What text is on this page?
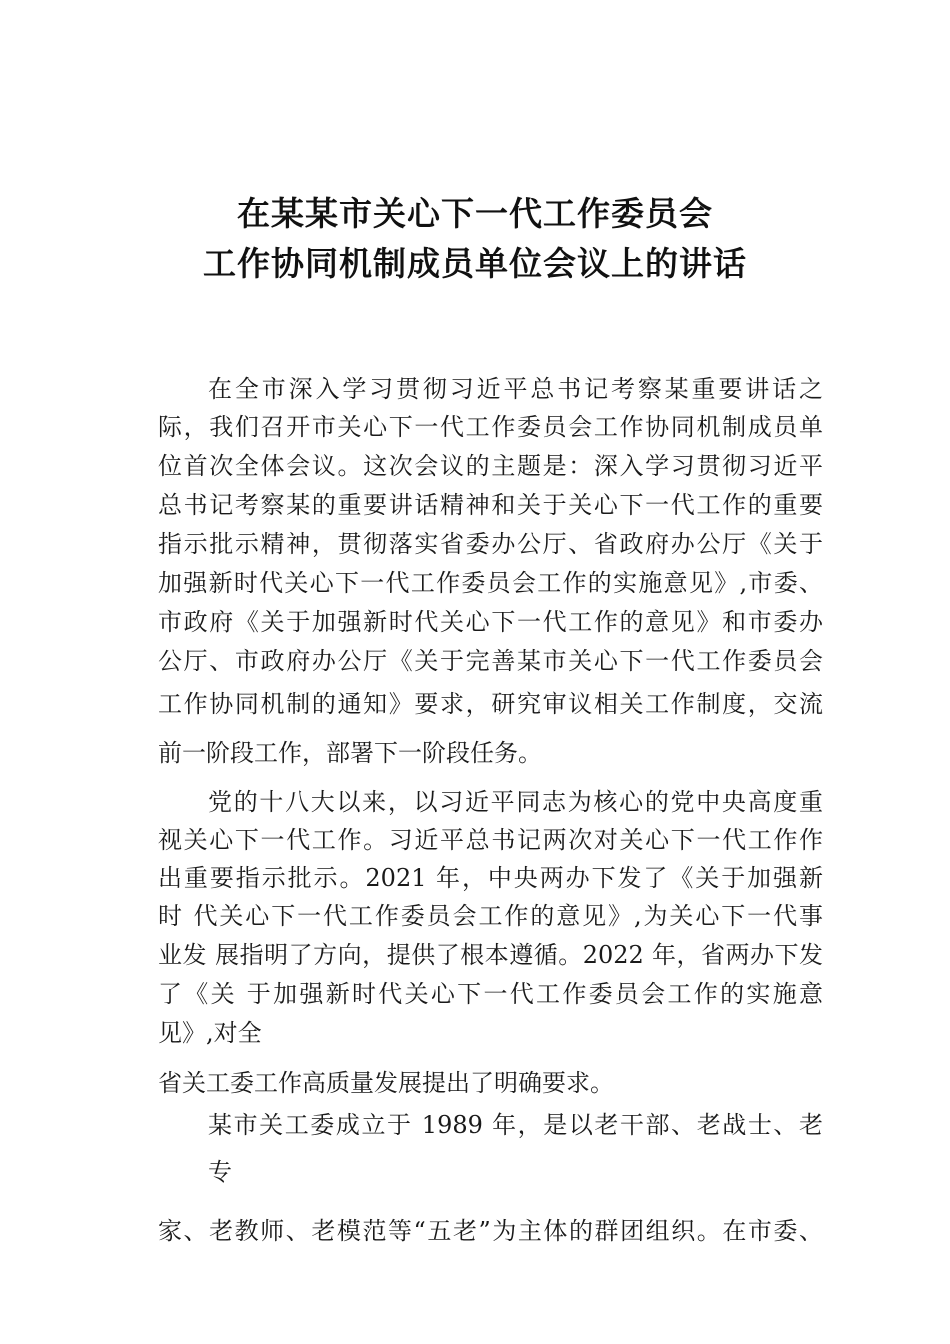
在某某市关心下一代工作委员会
工作协同机制成员单位会议上的讲话
在全市深入学习贯彻习近平总书记考察某重要讲话之
际，我们召开市关心下一代工作委员会工作协同机制成员单
位首次全体会议。这次会议的主题是：深入学习贯彻习近平
总书记考察某的重要讲话精神和关于关心下一代工作的重要
指示批示精神，贯彻落实省委办公厅、省政府办公厅《关于
加强新时代关心下一代工作委员会工作的实施意见》,市委、
市政府《关于加强新时代关心下一代工作的意见》和市委办
公厅、市政府办公厅《关于完善某市关心下一代工作委员会
工作协同机制的通知》要求，研究审议相关工作制度，交流
前一阶段工作，部署下一阶段任务。
党的十八大以来，以习近平同志为核心的党中央高度重
视关心下一代工作。习近平总书记两次对关心下一代工作作
出重要指示批示。2021 年，中央两办下发了《关于加强新
时 代关心下一代工作委员会工作的意见》,为关心下一代事
业发 展指明了方向，提供了根本遵循。2022 年，省两办下发
了《关 于加强新时代关心下一代工作委员会工作的实施意
见》,对全
省关工委工作高质量发展提出了明确要求。
某市关工委成立于 1989 年，是以老干部、老战士、老
专
家、老教师、老模范等“五老”为主体的群团组织。在市委、
